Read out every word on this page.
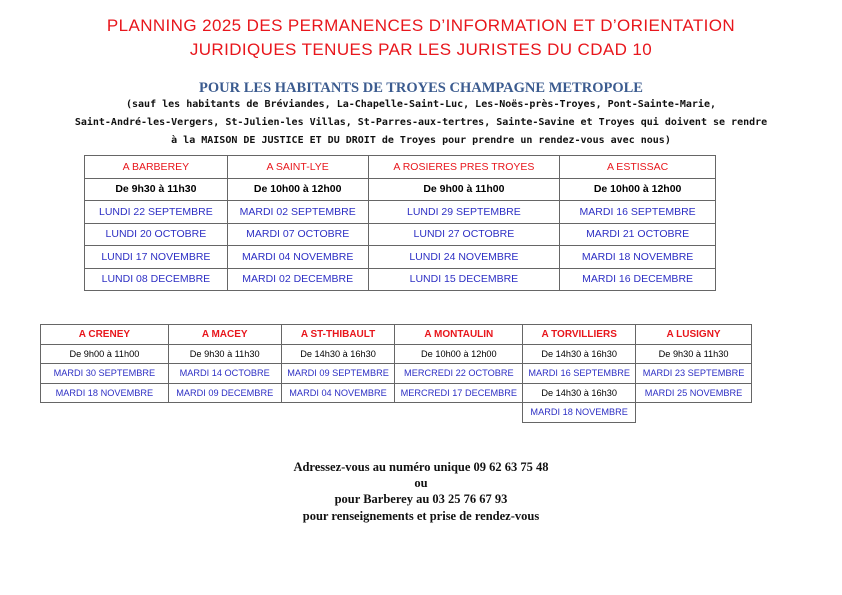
PLANNING 2025 DES PERMANENCES D’INFORMATION ET D’ORIENTATION
JURIDIQUES TENUES PAR LES JURISTES DU CDAD 10
POUR LES HABITANTS DE TROYES CHAMPAGNE METROPOLE
(sauf les habitants de Bréviandes, La-Chapelle-Saint-Luc, Les-Noës-près-Troyes, Pont-Sainte-Marie,
Saint-André-les-Vergers, St-Julien-les Villas, St-Parres-aux-tertres, Sainte-Savine et Troyes qui doivent se rendre
à la MAISON DE JUSTICE ET DU DROIT de Troyes pour prendre un rendez-vous avec nous)
A BARBEREY	A SAINT-LYE	A ROSIERES PRES TROYES	A ESTISSAC
De 9h30 à 11h30	De 10h00 à 12h00	De 9h00 à 11h00	De 10h00 à 12h00
LUNDI 22 SEPTEMBRE	MARDI 02 SEPTEMBRE	LUNDI 29 SEPTEMBRE	MARDI 16 SEPTEMBRE
LUNDI 20 OCTOBRE	MARDI 07 OCTOBRE	LUNDI 27 OCTOBRE	MARDI 21 OCTOBRE
LUNDI 17 NOVEMBRE	MARDI 04 NOVEMBRE	LUNDI 24 NOVEMBRE	MARDI 18 NOVEMBRE
LUNDI 08 DECEMBRE	MARDI 02 DECEMBRE	LUNDI 15 DECEMBRE	MARDI 16 DECEMBRE
A CRENEY	A MACEY	A ST-THIBAULT	A MONTAULIN	A TORVILLIERS	A LUSIGNY
De 9h00 à 11h00	De 9h30 à 11h30	De 14h30 à 16h30	De 10h00 à 12h00	De 14h30 à 16h30	De 9h30 à 11h30
MARDI 30 SEPTEMBRE	MARDI 14 OCTOBRE	MARDI 09 SEPTEMBRE	MERCREDI 22 OCTOBRE	MARDI 16 SEPTEMBRE	MARDI 23 SEPTEMBRE
MARDI 18 NOVEMBRE	MARDI 09 DECEMBRE	MARDI 04 NOVEMBRE	MERCREDI 17 DECEMBRE	De 14h30 à 16h30	MARDI 25 NOVEMBRE
				MARDI 18 NOVEMBRE	
Adressez-vous au numéro unique 09 62 63 75 48
ou
pour Barberey au 03 25 76 67 93
pour renseignements et prise de rendez-vous
